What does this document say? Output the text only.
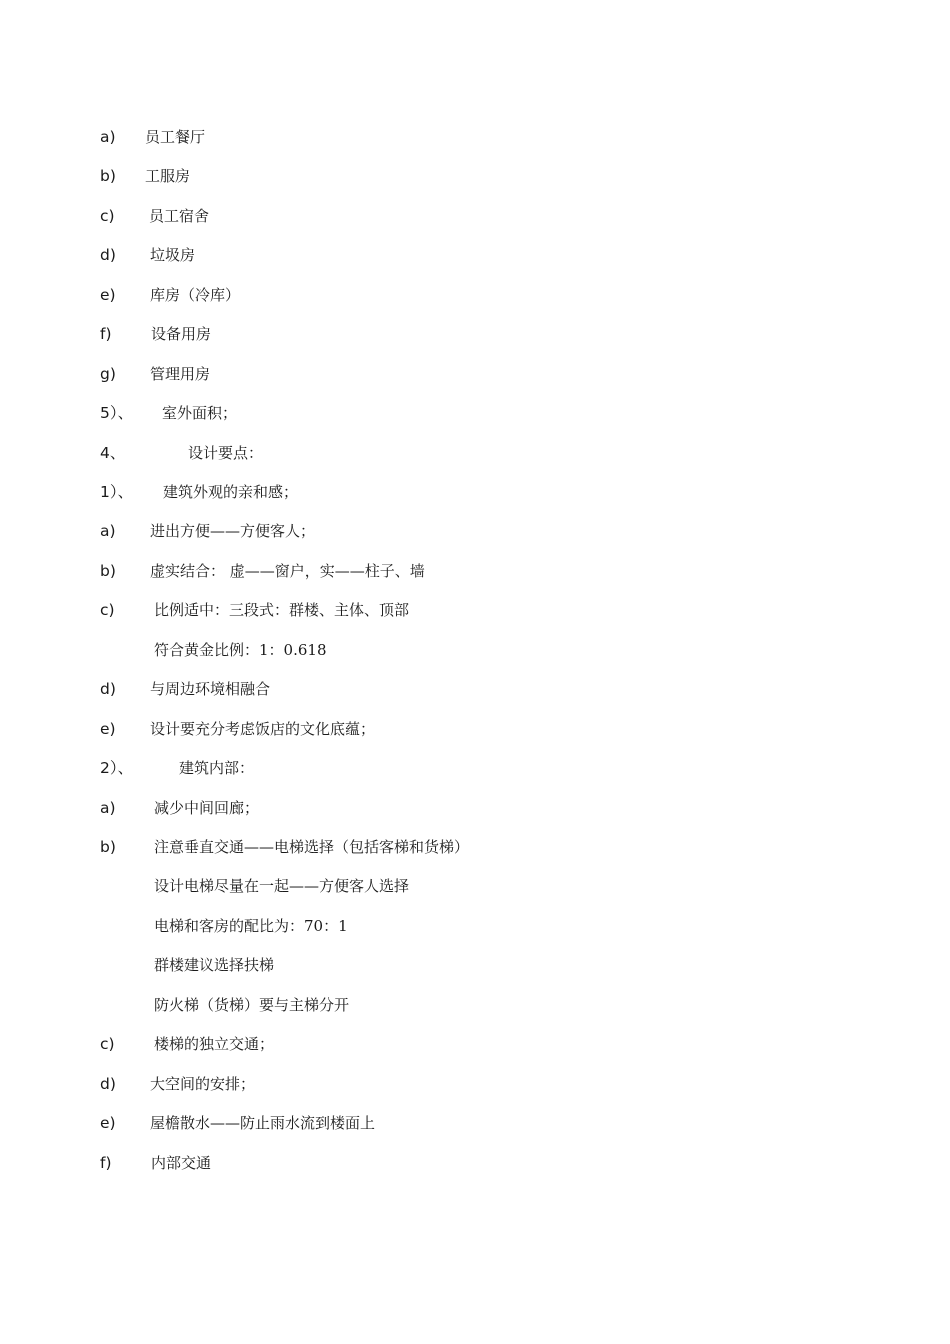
a) 员工餐厅
b) 工服房
c) 员工宿舍
d) 垃圾房
e) 库房（冷库）
f)	设备用房
g) 管理用房
5）、 室外面积；
4、	设计要点：
1）、 建筑外观的亲和感；
a) 进出方便——方便客人；
b) 虚实结合： 虚——窗户，实——柱子、墙
c)	比例适中：三段式：群楼、主体、顶部
符合黄金比例：1：0.618
d) 与周边环境相融合
e) 设计要充分考虑饭店的文化底蕴；
2）、	建筑内部：
a)	减少中间回廊；
b)	注意垂直交通——电梯选择（包括客梯和货梯）
设计电梯尽量在一起——方便客人选择
电梯和客房的配比为：70：1
群楼建议选择扶梯
防火梯（货梯）要与主梯分开
c)	楼梯的独立交通；
d) 大空间的安排；
e) 屋檐散水——防止雨水流到楼面上
f)	内部交通
